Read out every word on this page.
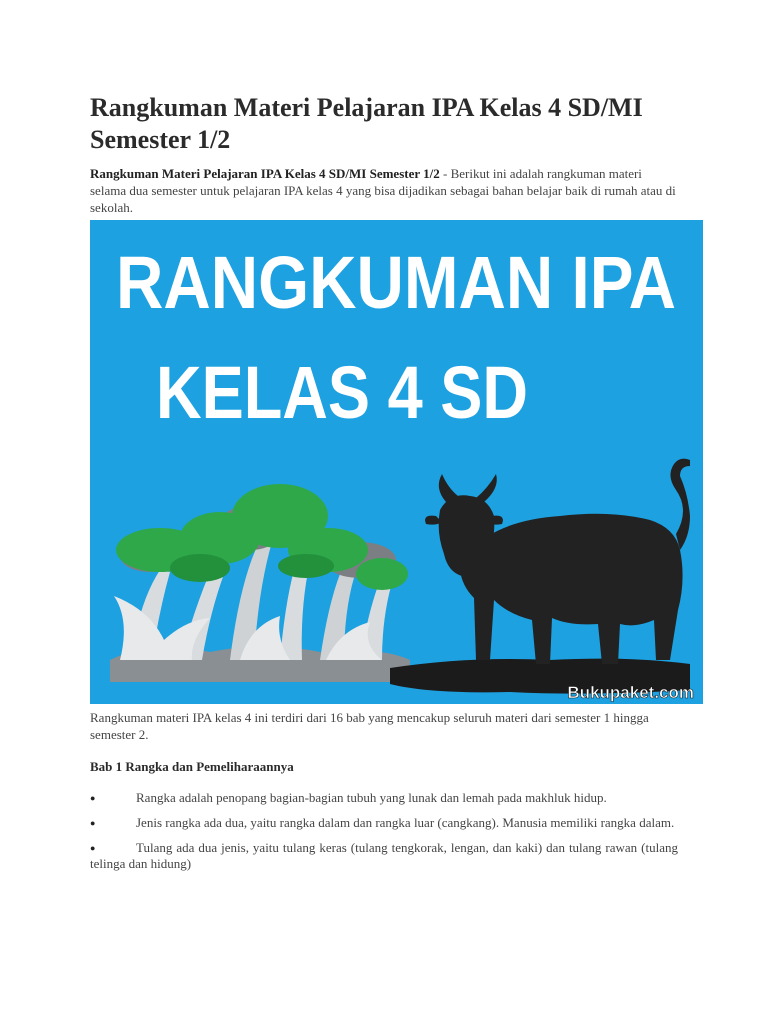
Rangkuman Materi Pelajaran IPA Kelas 4 SD/MI Semester 1/2

Rangkuman Materi Pelajaran IPA Kelas 4 SD/MI Semester 1/2 - Berikut ini adalah rangkuman materi selama dua semester untuk pelajaran IPA kelas 4 yang bisa dijadikan sebagai bahan belajar baik di rumah atau di sekolah.

RANGKUMAN IPA
KELAS 4 SD
Bukupaket.com

Rangkuman materi IPA kelas 4 ini terdiri dari 16 bab yang mencakup seluruh materi dari semester 1 hingga semester 2.

Bab 1 Rangka dan Pemeliharaannya

●	Rangka adalah penopang bagian-bagian tubuh yang lunak dan lemah pada makhluk hidup.
●	Jenis rangka ada dua, yaitu rangka dalam dan rangka luar (cangkang). Manusia memiliki rangka dalam.
●	Tulang ada dua jenis, yaitu tulang keras (tulang tengkorak, lengan, dan kaki) dan tulang rawan (tulang telinga dan hidung)
